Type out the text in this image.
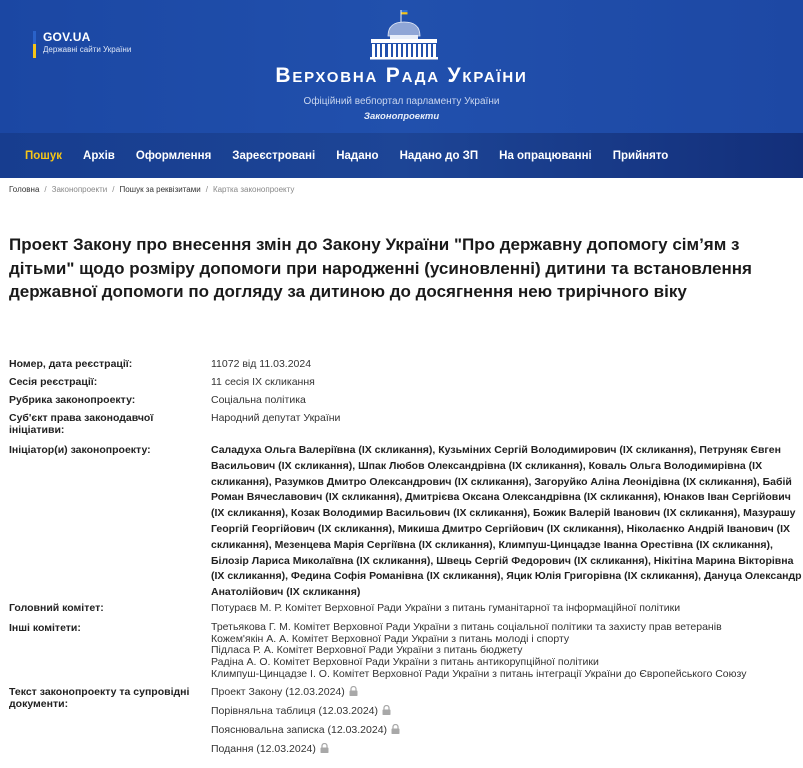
GOV.UA
Державні сайти України
Верховна Рада України
Офіційний вебпортал парламенту України
Законопроекти
Пошук Архів Оформлення Зареєстровані Надано Надано до ЗП На опрацюванні Прийнято
Головна / Законопроекти / Пошук за реквізитами / Картка законопроекту
Проект Закону про внесення змін до Закону України "Про державну допомогу сім’ям з дітьми" щодо розміру допомоги при народженні (усиновленні) дитини та встановлення державної допомоги по догляду за дитиною до досягнення нею трирічного віку
Номер, дата реєстрації:	11072 від 11.03.2024
Сесія реєстрації:	11 сесія IX скликання
Рубрика законопроекту:	Соціальна політика
Суб'єкт права законодавчої ініціативи:
Народний депутат України
Ініціатор(и) законопроекту:	Саладуха Ольга Валеріївна (IX скликання), Кузьміних Сергій Володимирович (IX скликання), Петруняк Євген Васильович (IX скликання), Шпак Любов Олександрівна (IX скликання), Коваль Ольга Володимирівна (IX скликання), Разумков Дмитро Олександрович (IX скликання), Загоруйко Аліна Леонідівна (IX скликання), Бабій Роман Вячеславович (IX скликання), Дмитрієва Оксана Олександрівна (IX скликання), Юнаков Іван Сергійович (IX скликання), Козак Володимир Васильович (IX скликання), Божик Валерій Іванович (IX скликання), Мазурашу Георгій Георгійович (IX скликання), Микиша Дмитро Сергійович (IX скликання), Ніколаєнко Андрій Іванович (IX скликання), Мезенцева Марія Сергіївна (IX скликання), Климпуш-Цинцадзе Іванна Орестівна (IX скликання), Білозір Лариса Миколаївна (IX скликання), Швець Сергій Федорович (IX скликання), Нікітіна Марина Вікторівна (IX скликання), Федина Софія Романівна (IX скликання), Яцик Юлія Григорівна (IX скликання), Дануца Олександр Анатолійович (IX скликання)
Головний комітет:	Потураєв М. Р. Комітет Верховної Ради України з питань гуманітарної та інформаційної політики
Інші комітети:	Третьякова Г. М. Комітет Верховної Ради України з питань соціальної політики та захисту прав ветеранів
Кожем'якін А. А. Комітет Верховної Ради України з питань молоді і спорту
Підласа Р. А. Комітет Верховної Ради України з питань бюджету
Радіна А. О. Комітет Верховної Ради України з питань антикорупційної політики
Климпуш-Цинцадзе І. О. Комітет Верховної Ради України з питань інтеграції України до Європейського Союзу
Текст законопроекту та супровідні документи:
Проект Закону (12.03.2024)
Порівняльна таблиця (12.03.2024)
Пояснювальна записка (12.03.2024)
Подання (12.03.2024)
